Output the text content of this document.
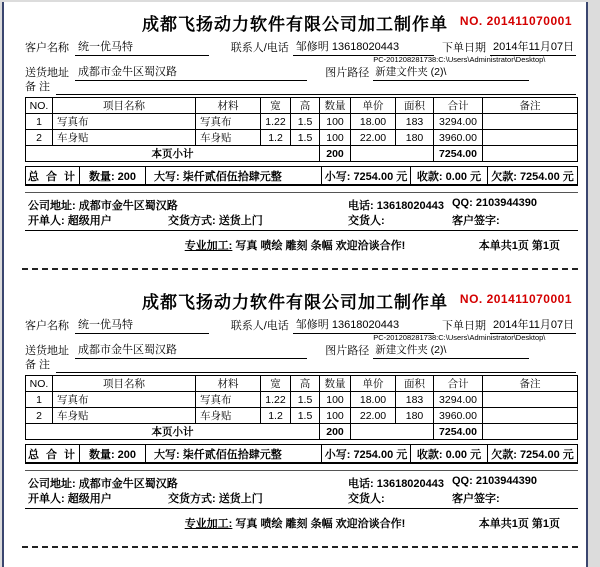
成都飞扬动力软件有限公司加工制作单 NO. 201411070001
客户名称 统一优马特	联系人/电话 邹修明 13618020443	下单日期 2014年11月07日
送货地址 成都市金牛区蜀汉路	图片路径
PC-201208281738:C:\Users\Administrator\Desktop\
新建文件夹 (2)\
备 注
NO.	项目名称	材料	宽	高	数量	单价	面积	合计	备注
1	写真布	写真布	1.22	1.5	100	18.00	183	3294.00	
2	车身贴	车身贴	1.2	1.5	100	22.00	180	3960.00	
本页小计					200			7254.00	
总 合 计	数量: 200	大写: 柒仟贰佰伍拾肆元整	小写: 7254.00 元 收款: 0.00 元 欠款: 7254.00 元
公司地址: 成都市金牛区蜀汉路	电话: 13618020443 QQ: 2103944390
开单人: 超级用户	交货方式: 送货上门	交货人:	客户签字:
专业加工: 写真 喷绘 雕刻 条幅 欢迎洽谈合作!	本单共1页 第1页
成都飞扬动力软件有限公司加工制作单 NO. 201411070001
客户名称 统一优马特	联系人/电话 邹修明 13618020443	下单日期 2014年11月07日
送货地址 成都市金牛区蜀汉路	图片路径
PC-201208281738:C:\Users\Administrator\Desktop\
新建文件夹 (2)\
备 注
NO.	项目名称	材料	宽	高	数量	单价	面积	合计	备注
1	写真布	写真布	1.22	1.5	100	18.00	183	3294.00	
2	车身贴	车身贴	1.2	1.5	100	22.00	180	3960.00	
本页小计					200			7254.00	
总 合 计	数量: 200	大写: 柒仟贰佰伍拾肆元整	小写: 7254.00 元 收款: 0.00 元 欠款: 7254.00 元
公司地址: 成都市金牛区蜀汉路	电话: 13618020443 QQ: 2103944390
开单人: 超级用户	交货方式: 送货上门	交货人:	客户签字:
专业加工: 写真 喷绘 雕刻 条幅 欢迎洽谈合作!	本单共1页 第1页
